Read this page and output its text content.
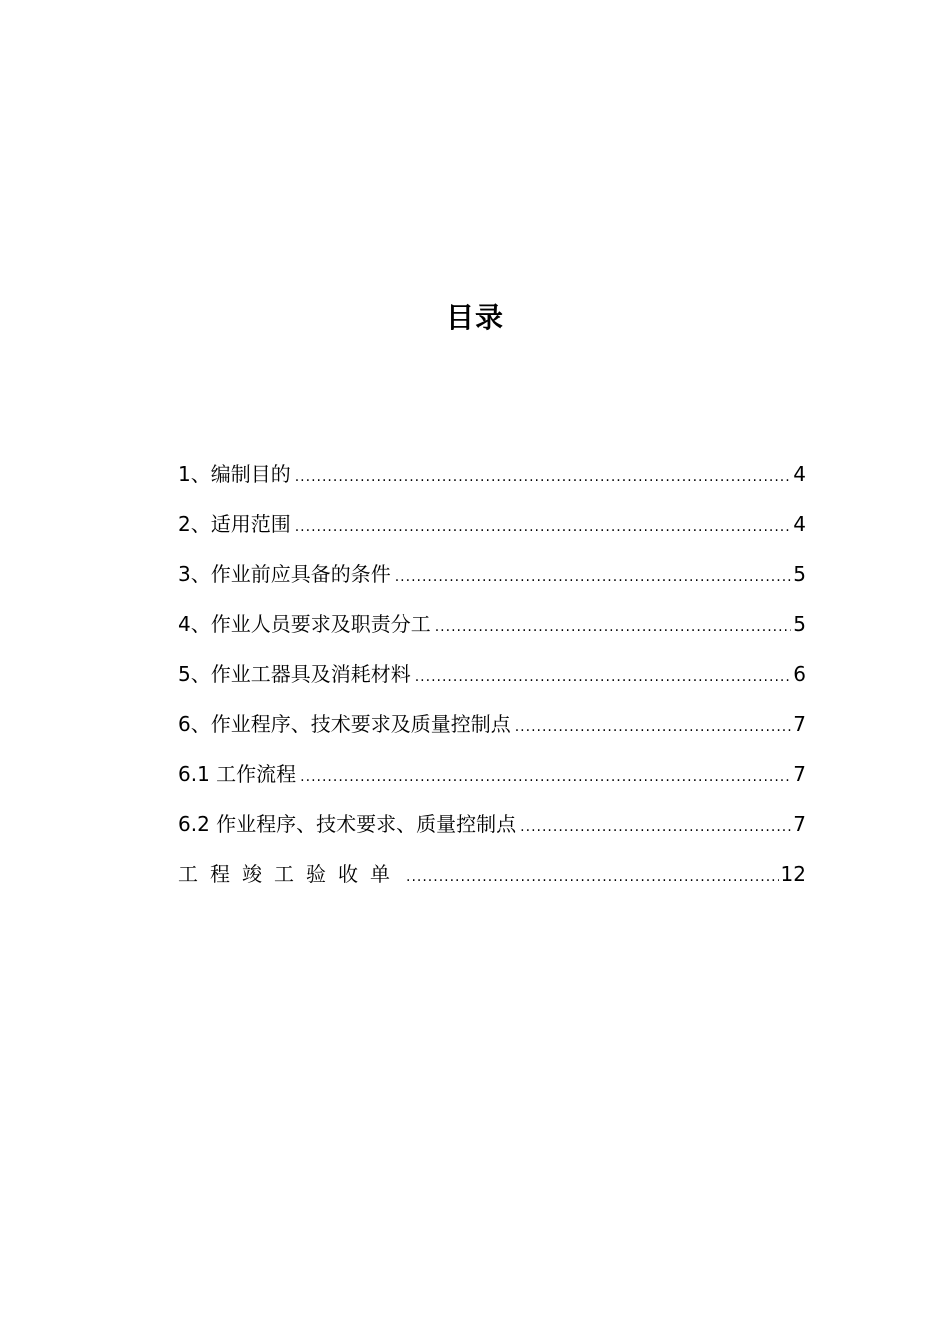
目录
1、编制目的 .....	4
2、适用范围 .....	4
3、作业前应具备的条件 .....	5
4、作业人员要求及职责分工 .....	5
5、作业工器具及消耗材料 .....	6
6、作业程序、技术要求及质量控制点 .....	7
6.1 工作流程 .....	7
6.2 作业程序、技术要求、质量控制点 .....	7
工程竣工验收单 .....	12
